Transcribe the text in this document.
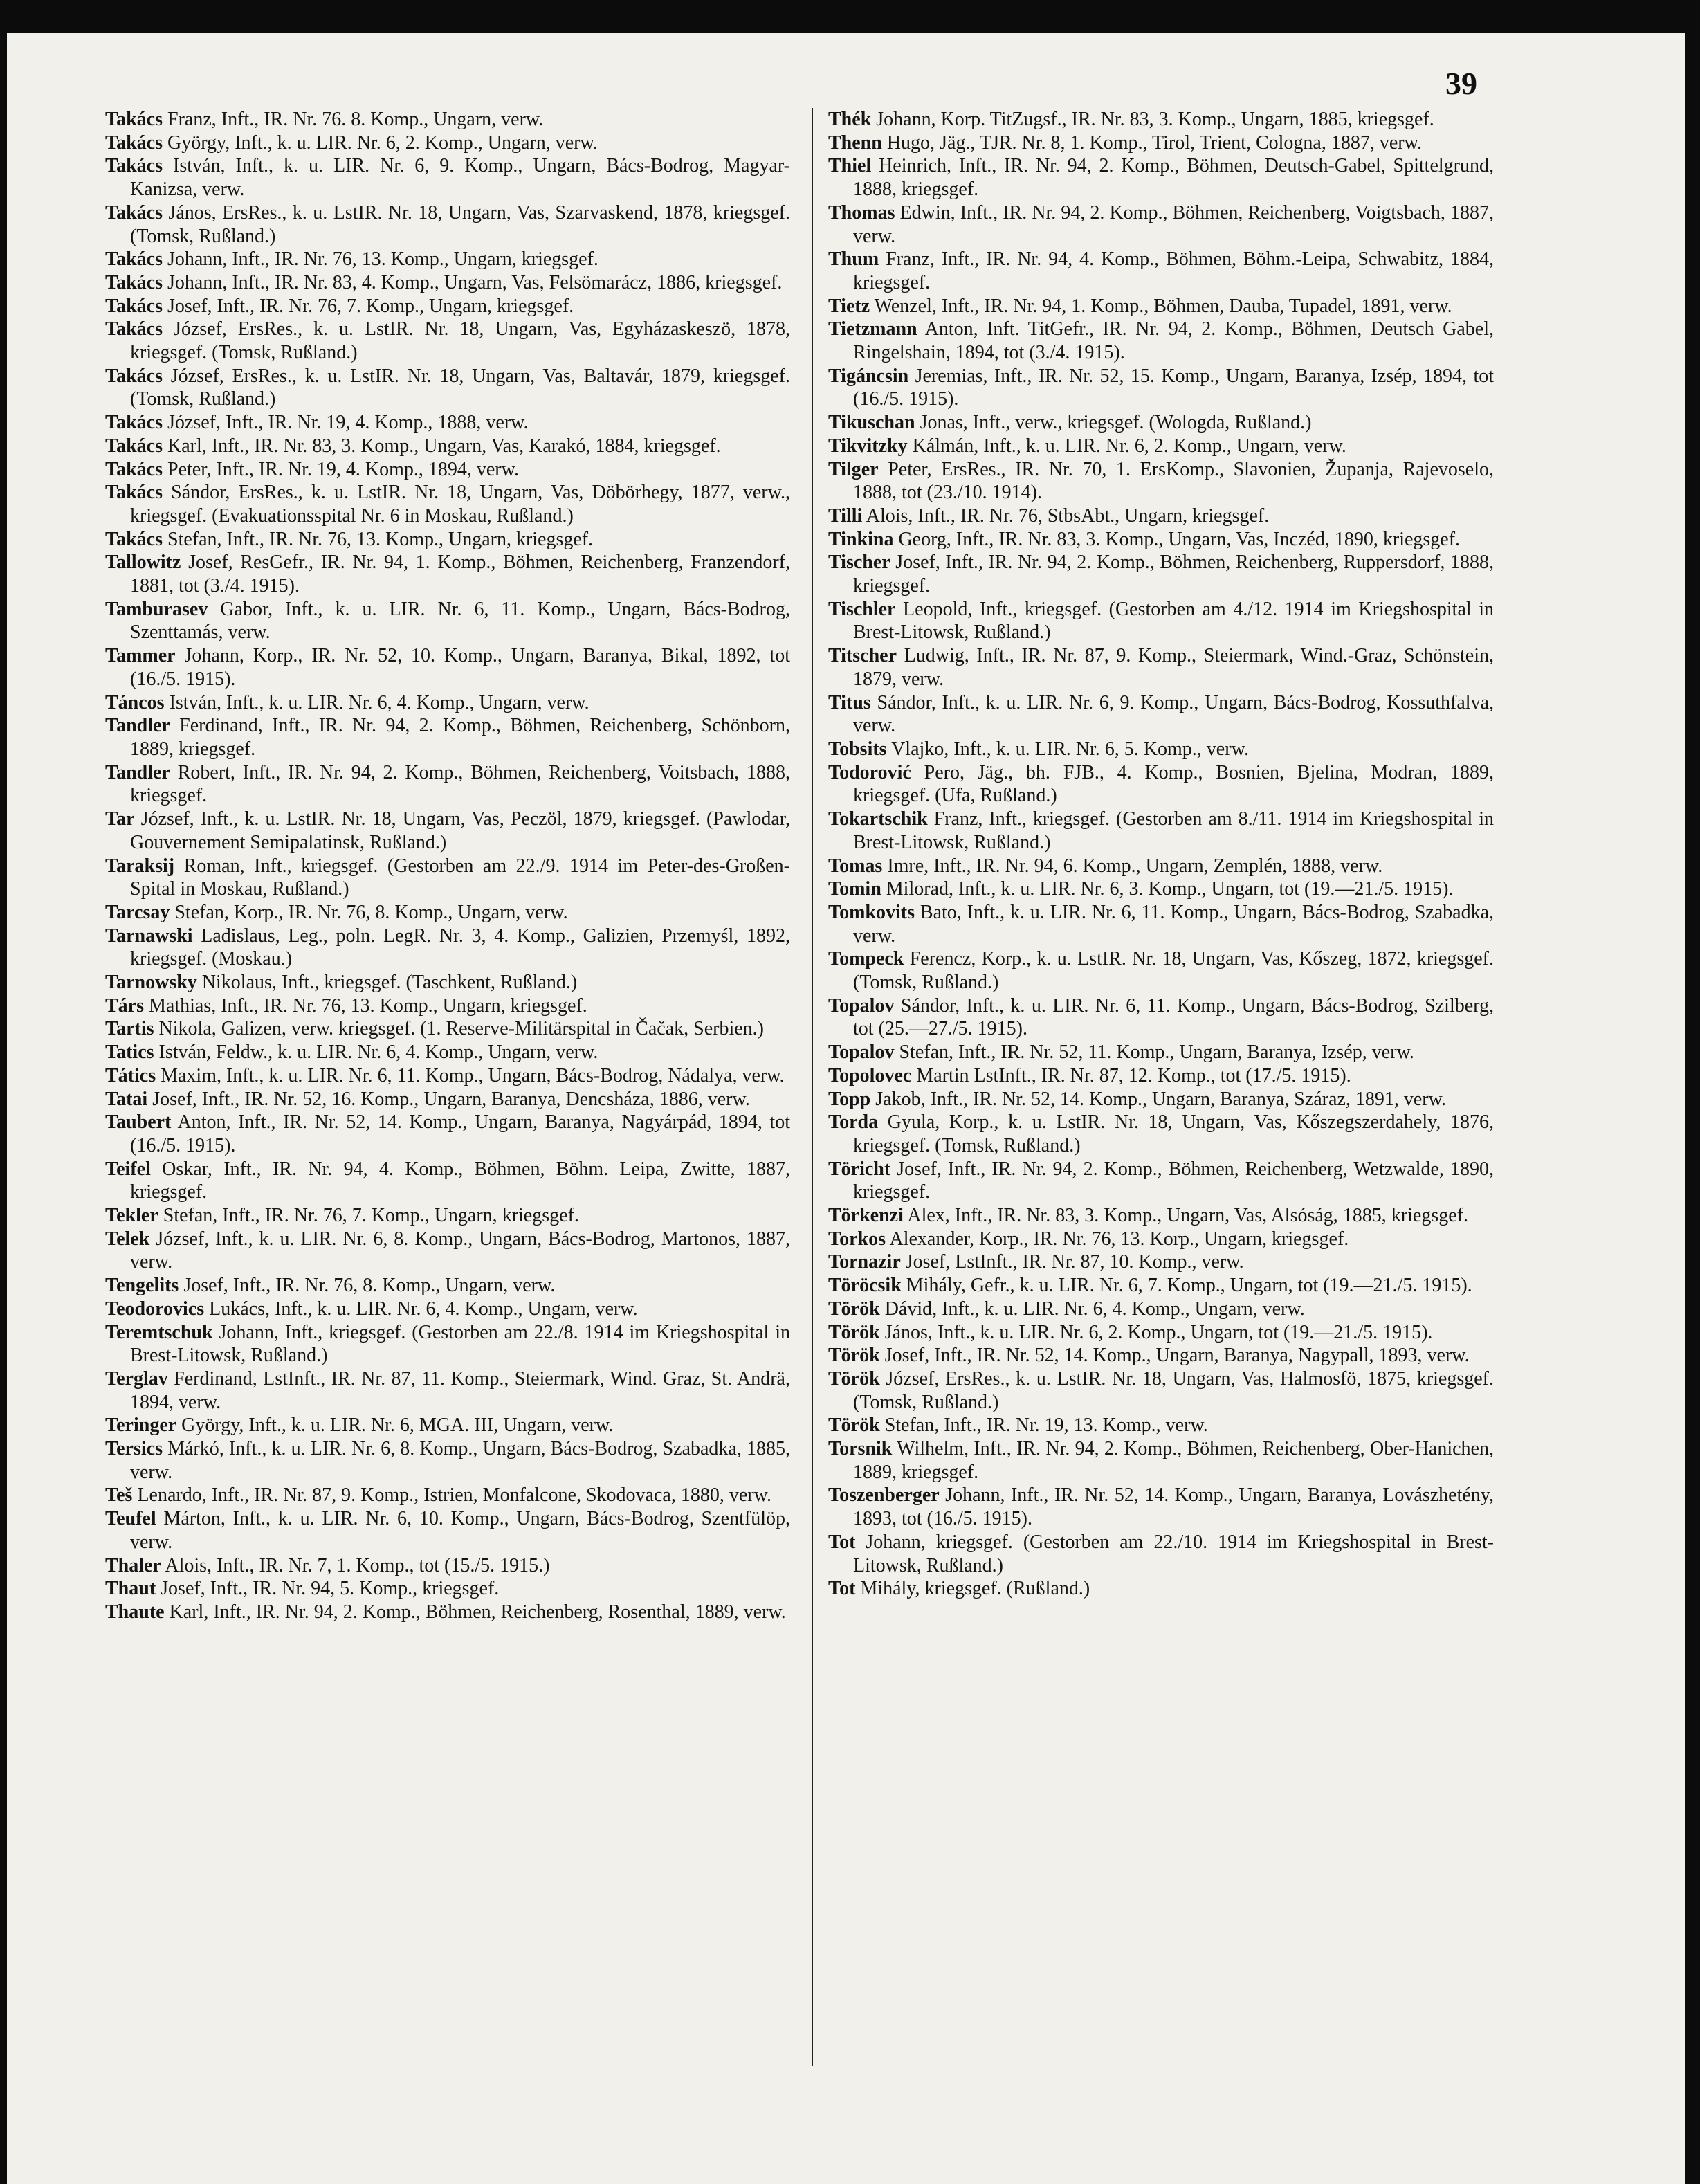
39

Takács Franz, Inft., IR. Nr. 76. 8. Komp., Ungarn, verw.

Takács György, Inft., k. u. LIR. Nr. 6, 2. Komp., Ungarn, verw.

Takács István, Inft., k. u. LIR. Nr. 6, 9. Komp., Ungarn, Bács-Bodrog, Magyar-Kanizsa, verw.

Takács János, ErsRes., k. u. LstIR. Nr. 18, Ungarn, Vas, Szarvaskend, 1878, kriegsgef. (Tomsk, Rußland.)

Takács Johann, Inft., IR. Nr. 76, 13. Komp., Ungarn, kriegsgef.

Takács Johann, Inft., IR. Nr. 83, 4. Komp., Ungarn, Vas, Felsömarácz, 1886, kriegsgef.

Takács Josef, Inft., IR. Nr. 76, 7. Komp., Ungarn, kriegsgef.

Takács József, ErsRes., k. u. LstIR. Nr. 18, Ungarn, Vas, Egyházaskeszö, 1878, kriegsgef. (Tomsk, Rußland.)

Takács József, ErsRes., k. u. LstIR. Nr. 18, Ungarn, Vas, Baltavár, 1879, kriegsgef. (Tomsk, Rußland.)

Takács József, Inft., IR. Nr. 19, 4. Komp., 1888, verw.

Takács Karl, Inft., IR. Nr. 83, 3. Komp., Ungarn, Vas, Karakó, 1884, kriegsgef.

Takács Peter, Inft., IR. Nr. 19, 4. Komp., 1894, verw.

Takács Sándor, ErsRes., k. u. LstIR. Nr. 18, Ungarn, Vas, Döbörhegy, 1877, verw., kriegsgef. (Evakuationsspital Nr. 6 in Moskau, Rußland.)

Takács Stefan, Inft., IR. Nr. 76, 13. Komp., Ungarn, kriegsgef.

Tallowitz Josef, ResGefr., IR. Nr. 94, 1. Komp., Böhmen, Reichenberg, Franzendorf, 1881, tot (3./4. 1915).

Tamburasev Gabor, Inft., k. u. LIR. Nr. 6, 11. Komp., Ungarn, Bács-Bodrog, Szenttamás, verw.

Tammer Johann, Korp., IR. Nr. 52, 10. Komp., Ungarn, Baranya, Bikal, 1892, tot (16./5. 1915).

Táncos István, Inft., k. u. LIR. Nr. 6, 4. Komp., Ungarn, verw.

Tandler Ferdinand, Inft., IR. Nr. 94, 2. Komp., Böhmen, Reichenberg, Schönborn, 1889, kriegsgef.

Tandler Robert, Inft., IR. Nr. 94, 2. Komp., Böhmen, Reichenberg, Voitsbach, 1888, kriegsgef.

Tar József, Inft., k. u. LstIR. Nr. 18, Ungarn, Vas, Peczöl, 1879, kriegsgef. (Pawlodar, Gouvernement Semipalatinsk, Rußland.)

Taraksij Roman, Inft., kriegsgef. (Gestorben am 22./9. 1914 im Peter-des-Großen-Spital in Moskau, Rußland.)

Tarcsay Stefan, Korp., IR. Nr. 76, 8. Komp., Ungarn, verw.

Tarnawski Ladislaus, Leg., poln. LegR. Nr. 3, 4. Komp., Galizien, Przemyśl, 1892, kriegsgef. (Moskau.)

Tarnowsky Nikolaus, Inft., kriegsgef. (Taschkent, Rußland.)

Társ Mathias, Inft., IR. Nr. 76, 13. Komp., Ungarn, kriegsgef.

Tartis Nikola, Galizen, verw. kriegsgef. (1. Reserve-Militärspital in Čačak, Serbien.)

Tatics István, Feldw., k. u. LIR. Nr. 6, 4. Komp., Ungarn, verw.

Tátics Maxim, Inft., k. u. LIR. Nr. 6, 11. Komp., Ungarn, Bács-Bodrog, Nádalya, verw.

Tatai Josef, Inft., IR. Nr. 52, 16. Komp., Ungarn, Baranya, Dencsháza, 1886, verw.

Taubert Anton, Inft., IR. Nr. 52, 14. Komp., Ungarn, Baranya, Nagyárpád, 1894, tot (16./5. 1915).

Teifel Oskar, Inft., IR. Nr. 94, 4. Komp., Böhmen, Böhm. Leipa, Zwitte, 1887, kriegsgef.

Tekler Stefan, Inft., IR. Nr. 76, 7. Komp., Ungarn, kriegsgef.

Telek József, Inft., k. u. LIR. Nr. 6, 8. Komp., Ungarn, Bács-Bodrog, Martonos, 1887, verw.

Tengelits Josef, Inft., IR. Nr. 76, 8. Komp., Ungarn, verw.

Teodorovics Lukács, Inft., k. u. LIR. Nr. 6, 4. Komp., Ungarn, verw.

Teremtschuk Johann, Inft., kriegsgef. (Gestorben am 22./8. 1914 im Kriegshospital in Brest-Litowsk, Rußland.)

Terglav Ferdinand, LstInft., IR. Nr. 87, 11. Komp., Steiermark, Wind. Graz, St. Andrä, 1894, verw.

Teringer György, Inft., k. u. LIR. Nr. 6, MGA. III, Ungarn, verw.

Tersics Márkó, Inft., k. u. LIR. Nr. 6, 8. Komp., Ungarn, Bács-Bodrog, Szabadka, 1885, verw.

Teš Lenardo, Inft., IR. Nr. 87, 9. Komp., Istrien, Monfalcone, Skodovaca, 1880, verw.

Teufel Márton, Inft., k. u. LIR. Nr. 6, 10. Komp., Ungarn, Bács-Bodrog, Szentfülöp, verw.

Thaler Alois, Inft., IR. Nr. 7, 1. Komp., tot (15./5. 1915.)

Thaut Josef, Inft., IR. Nr. 94, 5. Komp., kriegsgef.

Thaute Karl, Inft., IR. Nr. 94, 2. Komp., Böhmen, Reichenberg, Rosenthal, 1889, verw.

Thék Johann, Korp. TitZugsf., IR. Nr. 83, 3. Komp., Ungarn, 1885, kriegsgef.

Thenn Hugo, Jäg., TJR. Nr. 8, 1. Komp., Tirol, Trient, Cologna, 1887, verw.

Thiel Heinrich, Inft., IR. Nr. 94, 2. Komp., Böhmen, Deutsch-Gabel, Spittelgrund, 1888, kriegsgef.

Thomas Edwin, Inft., IR. Nr. 94, 2. Komp., Böhmen, Reichenberg, Voigtsbach, 1887, verw.

Thum Franz, Inft., IR. Nr. 94, 4. Komp., Böhmen, Böhm.-Leipa, Schwabitz, 1884, kriegsgef.

Tietz Wenzel, Inft., IR. Nr. 94, 1. Komp., Böhmen, Dauba, Tupadel, 1891, verw.

Tietzmann Anton, Inft. TitGefr., IR. Nr. 94, 2. Komp., Böhmen, Deutsch Gabel, Ringelshain, 1894, tot (3./4. 1915).

Tigáncsin Jeremias, Inft., IR. Nr. 52, 15. Komp., Ungarn, Baranya, Izsép, 1894, tot (16./5. 1915).

Tikuschan Jonas, Inft., verw., kriegsgef. (Wologda, Rußland.)

Tikvitzky Kálmán, Inft., k. u. LIR. Nr. 6, 2. Komp., Ungarn, verw.

Tilger Peter, ErsRes., IR. Nr. 70, 1. ErsKomp., Slavonien, Županja, Rajevoselo, 1888, tot (23./10. 1914).

Tilli Alois, Inft., IR. Nr. 76, StbsAbt., Ungarn, kriegsgef.

Tinkina Georg, Inft., IR. Nr. 83, 3. Komp., Ungarn, Vas, Inczéd, 1890, kriegsgef.

Tischer Josef, Inft., IR. Nr. 94, 2. Komp., Böhmen, Reichenberg, Ruppersdorf, 1888, kriegsgef.

Tischler Leopold, Inft., kriegsgef. (Gestorben am 4./12. 1914 im Kriegshospital in Brest-Litowsk, Rußland.)

Titscher Ludwig, Inft., IR. Nr. 87, 9. Komp., Steiermark, Wind.-Graz, Schönstein, 1879, verw.

Titus Sándor, Inft., k. u. LIR. Nr. 6, 9. Komp., Ungarn, Bács-Bodrog, Kossuthfalva, verw.

Tobsits Vlajko, Inft., k. u. LIR. Nr. 6, 5. Komp., verw.

Todorović Pero, Jäg., bh. FJB., 4. Komp., Bosnien, Bjelina, Modran, 1889, kriegsgef. (Ufa, Rußland.)

Tokartschik Franz, Inft., kriegsgef. (Gestorben am 8./11. 1914 im Kriegshospital in Brest-Litowsk, Rußland.)

Tomas Imre, Inft., IR. Nr. 94, 6. Komp., Ungarn, Zemplén, 1888, verw.

Tomin Milorad, Inft., k. u. LIR. Nr. 6, 3. Komp., Ungarn, tot (19.—21./5. 1915).

Tomkovits Bato, Inft., k. u. LIR. Nr. 6, 11. Komp., Ungarn, Bács-Bodrog, Szabadka, verw.

Tompeck Ferencz, Korp., k. u. LstIR. Nr. 18, Ungarn, Vas, Kőszeg, 1872, kriegsgef. (Tomsk, Rußland.)

Topalov Sándor, Inft., k. u. LIR. Nr. 6, 11. Komp., Ungarn, Bács-Bodrog, Szilberg, tot (25.—27./5. 1915).

Topalov Stefan, Inft., IR. Nr. 52, 11. Komp., Ungarn, Baranya, Izsép, verw.

Topolovec Martin LstInft., IR. Nr. 87, 12. Komp., tot (17./5. 1915).

Topp Jakob, Inft., IR. Nr. 52, 14. Komp., Ungarn, Baranya, Száraz, 1891, verw.

Torda Gyula, Korp., k. u. LstIR. Nr. 18, Ungarn, Vas, Kőszegszerdahely, 1876, kriegsgef. (Tomsk, Rußland.)

Töricht Josef, Inft., IR. Nr. 94, 2. Komp., Böhmen, Reichenberg, Wetzwalde, 1890, kriegsgef.

Törkenzi Alex, Inft., IR. Nr. 83, 3. Komp., Ungarn, Vas, Alsóság, 1885, kriegsgef.

Torkos Alexander, Korp., IR. Nr. 76, 13. Korp., Ungarn, kriegsgef.

Tornazir Josef, LstInft., IR. Nr. 87, 10. Komp., verw.

Töröcsik Mihály, Gefr., k. u. LIR. Nr. 6, 7. Komp., Ungarn, tot (19.—21./5. 1915).

Török Dávid, Inft., k. u. LIR. Nr. 6, 4. Komp., Ungarn, verw.

Török János, Inft., k. u. LIR. Nr. 6, 2. Komp., Ungarn, tot (19.—21./5. 1915).

Török Josef, Inft., IR. Nr. 52, 14. Komp., Ungarn, Baranya, Nagypall, 1893, verw.

Török József, ErsRes., k. u. LstIR. Nr. 18, Ungarn, Vas, Halmosfö, 1875, kriegsgef. (Tomsk, Rußland.)

Török Stefan, Inft., IR. Nr. 19, 13. Komp., verw.

Torsnik Wilhelm, Inft., IR. Nr. 94, 2. Komp., Böhmen, Reichenberg, Ober-Hanichen, 1889, kriegsgef.

Toszenberger Johann, Inft., IR. Nr. 52, 14. Komp., Ungarn, Baranya, Lovászhetény, 1893, tot (16./5. 1915).

Tot Johann, kriegsgef. (Gestorben am 22./10. 1914 im Kriegshospital in Brest-Litowsk, Rußland.)

Tot Mihály, kriegsgef. (Rußland.)
